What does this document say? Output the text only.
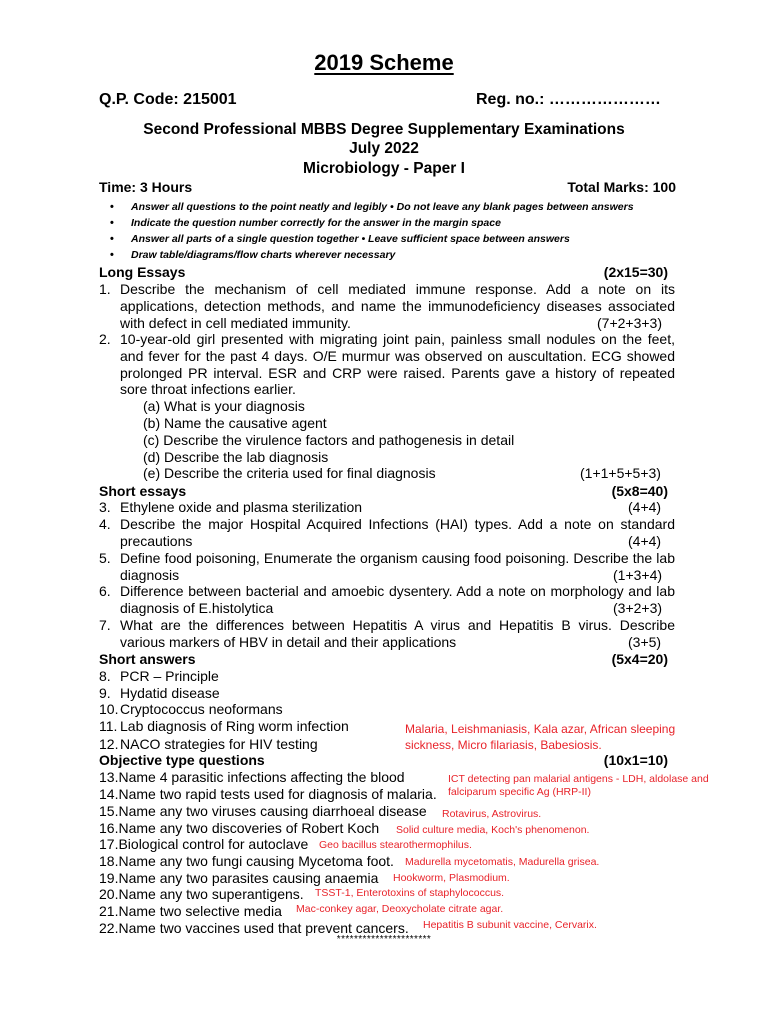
2019 Scheme
Q.P. Code: 215001	Reg. no.: …………………
Second Professional MBBS Degree Supplementary Examinations
July 2022
Microbiology - Paper I
Time: 3 Hours	Total Marks: 100
• Answer all questions to the point neatly and legibly • Do not leave any blank pages between answers
• Indicate the question number correctly for the answer in the margin space
• Answer all parts of a single question together • Leave sufficient space between answers
• Draw table/diagrams/flow charts wherever necessary
Long Essays	(2x15=30)
1. Describe the mechanism of cell mediated immune response. Add a note on its applications, detection methods, and name the immunodeficiency diseases associated with defect in cell mediated immunity.	(7+2+3+3)
2. 10-year-old girl presented with migrating joint pain, painless small nodules on the feet, and fever for the past 4 days. O/E murmur was observed on auscultation. ECG showed prolonged PR interval. ESR and CRP were raised. Parents gave a history of repeated sore throat infections earlier.
(a) What is your diagnosis
(b) Name the causative agent
(c) Describe the virulence factors and pathogenesis in detail
(d) Describe the lab diagnosis
(e) Describe the criteria used for final diagnosis	(1+1+5+5+3)
Short essays	(5x8=40)
3. Ethylene oxide and plasma sterilization	(4+4)
4. Describe the major Hospital Acquired Infections (HAI) types. Add a note on standard precautions	(4+4)
5. Define food poisoning, Enumerate the organism causing food poisoning. Describe the lab diagnosis	(1+3+4)
6. Difference between bacterial and amoebic dysentery. Add a note on morphology and lab diagnosis of E.histolytica	(3+2+3)
7. What are the differences between Hepatitis A virus and Hepatitis B virus. Describe various markers of HBV in detail and their applications	(3+5)
Short answers	(5x4=20)
8. PCR – Principle
9. Hydatid disease
10. Cryptococcus neoformans
11. Lab diagnosis of Ring worm infection
12. NACO strategies for HIV testing
Objective type questions	(10x1=10)
13.Name 4 parasitic infections affecting the blood
14.Name two rapid tests used for diagnosis of malaria.
15.Name any two viruses causing diarrhoeal disease
16.Name any two discoveries of Robert Koch
17.Biological control for autoclave
18.Name any two fungi causing Mycetoma foot.
19.Name any two parasites causing anaemia
20.Name any two superantigens.
21.Name two selective media
22.Name two vaccines used that prevent cancers.
Malaria, Leishmaniasis, Kala azar, African sleeping sickness, Micro filariasis, Babesiosis.
ICT detecting pan malarial antigens - LDH, aldolase and falciparum specific Ag (HRP-II)
Rotavirus, Astrovirus.
Solid culture media, Koch's phenomenon.
Geo bacillus stearothermophilus.
Madurella mycetomatis, Madurella grisea.
Hookworm, Plasmodium.
TSST-1, Enterotoxins of staphylococcus.
Mac-conkey agar, Deoxycholate citrate agar.
Hepatitis B subunit vaccine, Cervarix.
**********************
